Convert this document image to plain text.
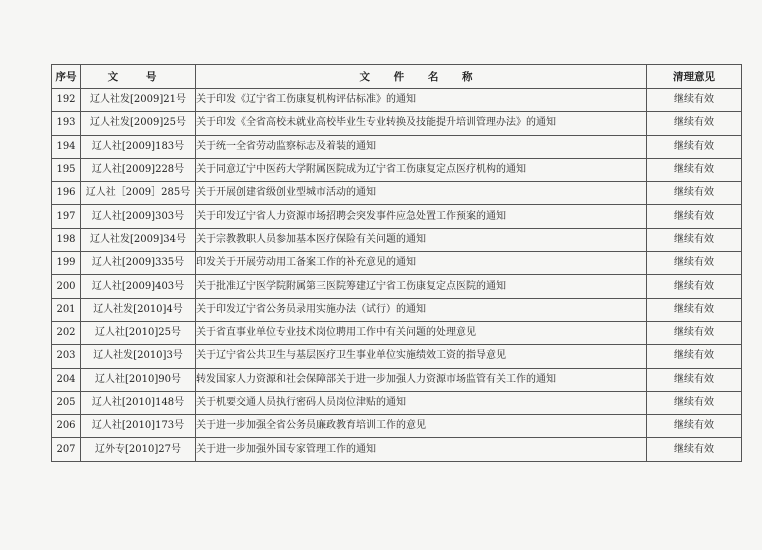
序号	文 号	文 件 名 称	清理意见
192	辽人社发[2009]21号	关于印发《辽宁省工伤康复机构评估标准》的通知	继续有效
193	辽人社发[2009]25号	关于印发《全省高校未就业高校毕业生专业转换及技能提升培训管理办法》的通知	继续有效
194	辽人社[2009]183号	关于统一全省劳动监察标志及着装的通知	继续有效
195	辽人社[2009]228号	关于同意辽宁中医药大学附属医院成为辽宁省工伤康复定点医疗机构的通知	继续有效
196	辽人社［2009］285号	关于开展创建省级创业型城市活动的通知	继续有效
197	辽人社[2009]303号	关于印发辽宁省人力资源市场招聘会突发事件应急处置工作预案的通知	继续有效
198	辽人社发[2009]34号	关于宗教教职人员参加基本医疗保险有关问题的通知	继续有效
199	辽人社[2009]335号	印发关于开展劳动用工备案工作的补充意见的通知	继续有效
200	辽人社[2009]403号	关于批准辽宁医学院附属第三医院筹建辽宁省工伤康复定点医院的通知	继续有效
201	辽人社发[2010]4号	关于印发辽宁省公务员录用实施办法（试行）的通知	继续有效
202	辽人社[2010]25号	关于省直事业单位专业技术岗位聘用工作中有关问题的处理意见	继续有效
203	辽人社发[2010]3号	关于辽宁省公共卫生与基层医疗卫生事业单位实施绩效工资的指导意见	继续有效
204	辽人社[2010]90号	转发国家人力资源和社会保障部关于进一步加强人力资源市场监管有关工作的通知	继续有效
205	辽人社[2010]148号	关于机要交通人员执行密码人员岗位津贴的通知	继续有效
206	辽人社[2010]173号	关于进一步加强全省公务员廉政教育培训工作的意见	继续有效
207	辽外专[2010]27号	关于进一步加强外国专家管理工作的通知	继续有效
